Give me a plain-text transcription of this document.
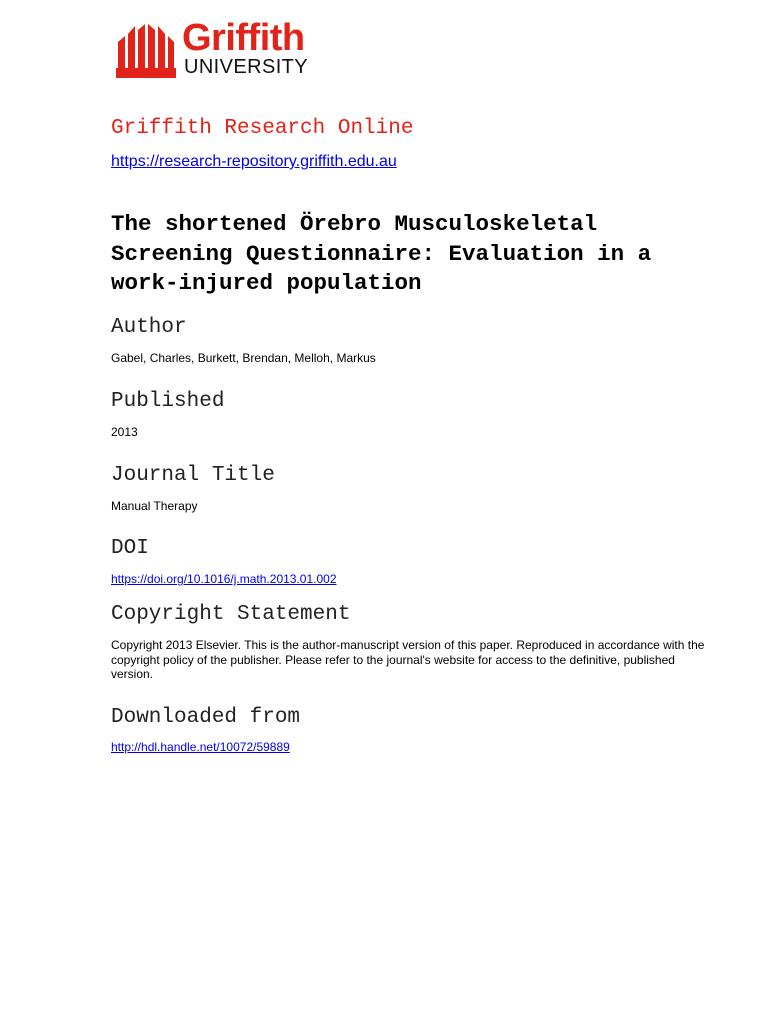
Griffith
UNIVERSITY
Griffith Research Online
https://research-repository.griffith.edu.au
The shortened Örebro Musculoskeletal Screening Questionnaire: Evaluation in a work-injured population
Author
Gabel, Charles, Burkett, Brendan, Melloh, Markus
Published
2013
Journal Title
Manual Therapy
DOI
https://doi.org/10.1016/j.math.2013.01.002
Copyright Statement
Copyright 2013 Elsevier. This is the author-manuscript version of this paper. Reproduced in accordance with the copyright policy of the publisher. Please refer to the journal's website for access to the definitive, published version.
Downloaded from
http://hdl.handle.net/10072/59889
